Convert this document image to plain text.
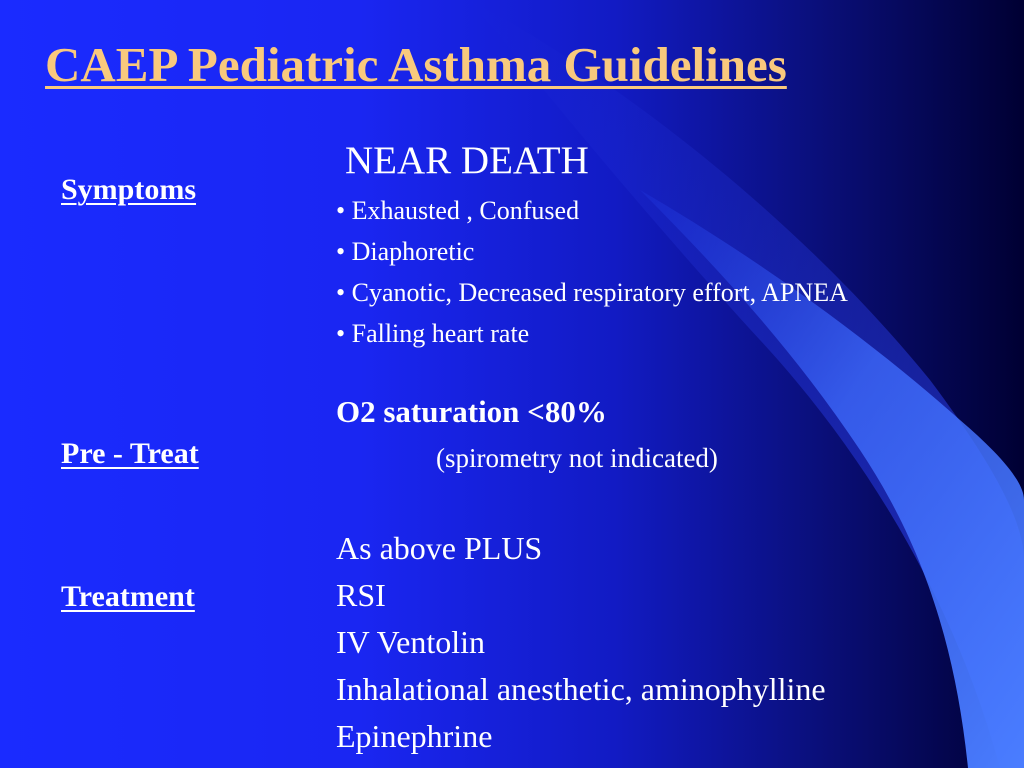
CAEP Pediatric Asthma Guidelines
Symptoms
Pre - Treat
Treatment
NEAR DEATH
• Exhausted , Confused
• Diaphoretic
• Cyanotic, Decreased respiratory effort, APNEA
• Falling heart rate
O2 saturation <80%
(spirometry not indicated)
As above PLUS
RSI
IV Ventolin
Inhalational anesthetic, aminophylline
Epinephrine
